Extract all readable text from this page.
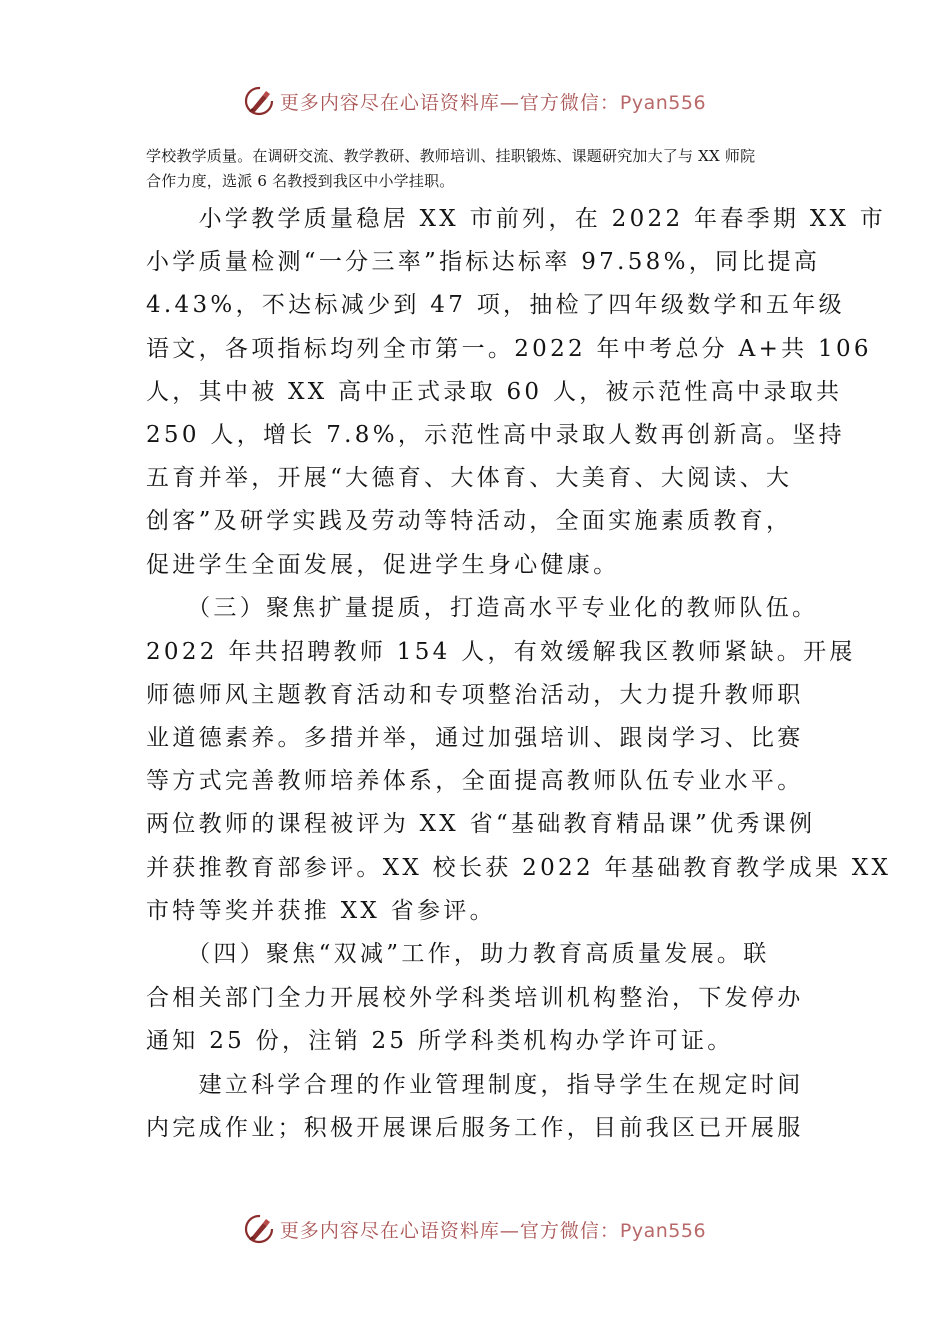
更多内容尽在心语资料库—官方微信：Pyan556

学校教学质量。在调研交流、教学教研、教师培训、挂职锻炼、课题研究加大了与 XX 师院

合作力度，选派 6 名教授到我区中小学挂职。

　　小学教学质量稳居 XX 市前列，在 2022 年春季期 XX 市

小学质量检测“一分三率”指标达标率 97.58%，同比提高

4.43%，不达标减少到 47 项，抽检了四年级数学和五年级

语文，各项指标均列全市第一。2022 年中考总分 A+共 106

人，其中被 XX 高中正式录取 60 人，被示范性高中录取共

250 人，增长 7.8%，示范性高中录取人数再创新高。坚持

五育并举，开展“大德育、大体育、大美育、大阅读、大

创客”及研学实践及劳动等特活动，全面实施素质教育，

促进学生全面发展，促进学生身心健康。

　　（三）聚焦扩量提质，打造高水平专业化的教师队伍。

2022 年共招聘教师 154 人，有效缓解我区教师紧缺。开展

师德师风主题教育活动和专项整治活动，大力提升教师职

业道德素养。多措并举，通过加强培训、跟岗学习、比赛

等方式完善教师培养体系，全面提高教师队伍专业水平。

两位教师的课程被评为 XX 省“基础教育精品课”优秀课例

并获推教育部参评。XX 校长获 2022 年基础教育教学成果 XX

市特等奖并获推 XX 省参评。

　　（四）聚焦“双减”工作，助力教育高质量发展。联

合相关部门全力开展校外学科类培训机构整治，下发停办

通知 25 份，注销 25 所学科类机构办学许可证。

　　建立科学合理的作业管理制度，指导学生在规定时间

内完成作业；积极开展课后服务工作，目前我区已开展服

更多内容尽在心语资料库—官方微信：Pyan556
